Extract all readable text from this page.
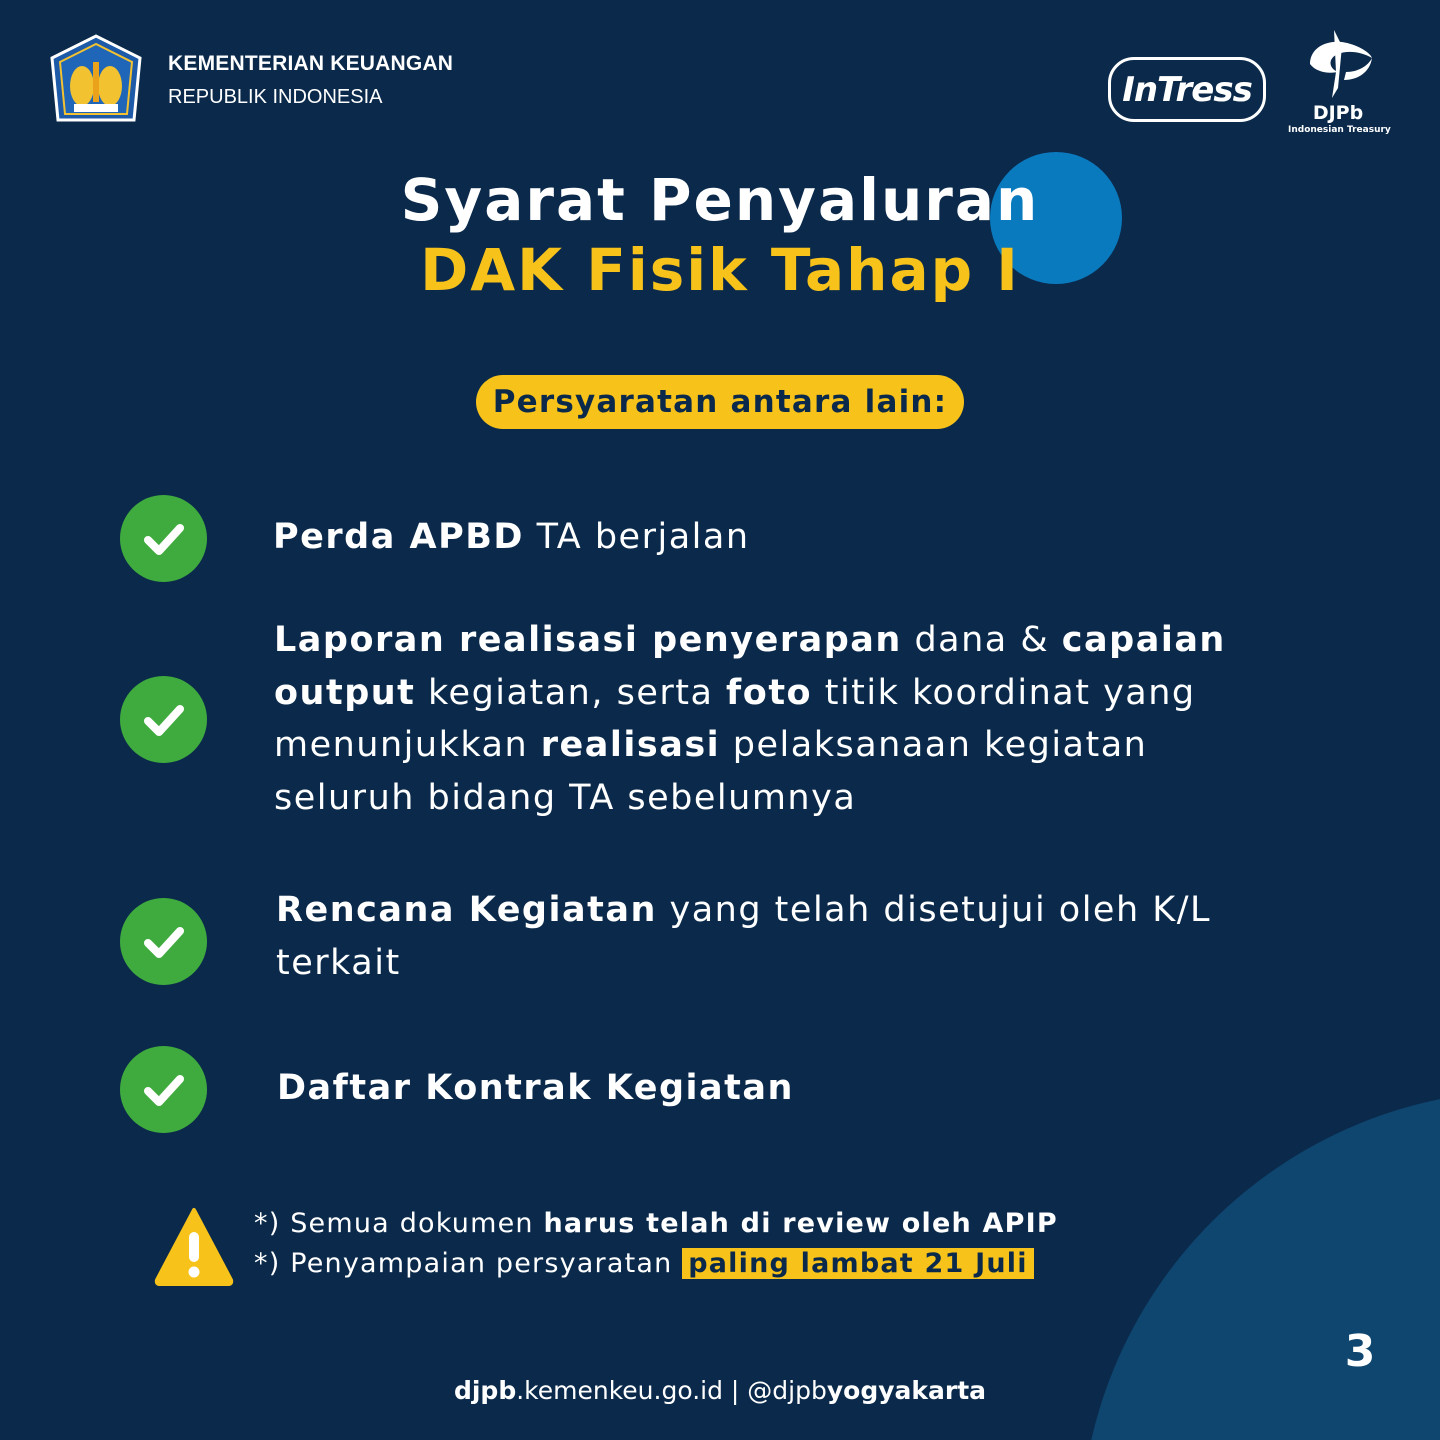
KEMENTERIAN KEUANGAN
REPUBLIK INDONESIA	InTress
DJPb
Indonesian Treasury
Syarat Penyaluran
DAK Fisik Tahap I
Persyaratan antara lain:
Perda APBD TA berjalan
Laporan realisasi penyerapan dana & capaian
output kegiatan, serta foto titik koordinat yang
menunjukkan realisasi pelaksanaan kegiatan
seluruh bidang TA sebelumnya
Rencana Kegiatan yang telah disetujui oleh K/L
terkait
Daftar Kontrak Kegiatan
*) Semua dokumen harus telah di review oleh APIP
*) Penyampaian persyaratan paling lambat 21 Juli
3
djpb.kemenkeu.go.id | @djpbyogyakarta
